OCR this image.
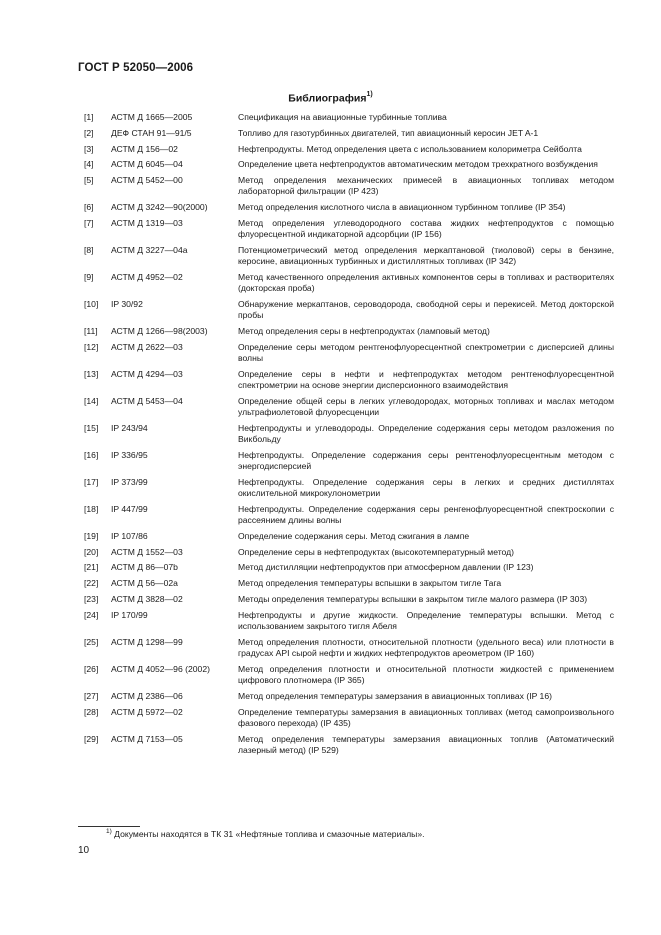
ГОСТ Р 52050—2006
Библиография$^{1)}$
[1] АСТМ Д 1665—2005	Спецификация на авиационные турбинные топлива
[2] ДЕФ СТАН 91—91/5	Топливо для газотурбинных двигателей, тип авиационный керосин JET A-1
[3] АСТМ Д 156—02	Нефтепродукты. Метод определения цвета с использованием колориметра Сейболта
[4] АСТМ Д 6045—04	Определение цвета нефтепродуктов автоматическим методом трехкратного возбуждения
[5] АСТМ Д 5452—00	Метод определения механических примесей в авиационных топливах методом лабораторной фильтрации (IP 423)
[6] АСТМ Д 3242—90(2000)	Метод определения кислотного числа в авиационном турбинном топливе (IP 354)
[7] АСТМ Д 1319—03	Метод определения углеводородного состава жидких нефтепродуктов с помощью флуоресцентной индикаторной адсорбции (IP 156)
[8] АСТМ Д 3227—04a	Потенциометрический метод определения меркаптановой (тиоловой) серы в бензине, керосине, авиационных турбинных и дистиллятных топливах (IP 342)
[9] АСТМ Д 4952—02	Метод качественного определения активных компонентов серы в топливах и растворителях (докторская проба)
[10] IP 30/92	Обнаружение меркаптанов, сероводорода, свободной серы и перекисей. Метод докторской пробы
[11] АСТМ Д 1266—98(2003)	Метод определения серы в нефтепродуктах (ламповый метод)
[12] АСТМ Д 2622—03	Определение серы методом рентгенофлуоресцентной спектрометрии с дисперсией длины волны
[13] АСТМ Д 4294—03	Определение серы в нефти и нефтепродуктах методом рентгенофлуоресцентной спектрометрии на основе энергии дисперсионного взаимодействия
[14] АСТМ Д 5453—04	Определение общей серы в легких углеводородах, моторных топливах и маслах методом ультрафиолетовой флуоресценции
[15] IP 243/94	Нефтепродукты и углеводороды. Определение содержания серы методом разложения по Викбольду
[16] IP 336/95	Нефтепродукты. Определение содержания серы рентгенофлуоресцентным методом с энергодисперсией
[17] IP 373/99	Нефтепродукты. Определение содержания серы в легких и средних дистиллятах окислительной микрокулонометрии
[18] IP 447/99	Нефтепродукты. Определение содержания серы ренгенофлуоресцентной спектроскопии с рассеянием длины волны
[19] IP 107/86	Определение содержания серы. Метод сжигания в лампе
[20] АСТМ Д 1552—03	Определение серы в нефтепродуктах (высокотемпературный метод)
[21] АСТМ Д 86—07b	Метод дистилляции нефтепродуктов при атмосферном давлении (IP 123)
[22] АСТМ Д 56—02a	Метод определения температуры вспышки в закрытом тигле Тага
[23] АСТМ Д 3828—02	Методы определения температуры вспышки в закрытом тигле малого размера (IP 303)
[24] IP 170/99	Нефтепродукты и другие жидкости. Определение температуры вспышки. Метод с использованием закрытого тигля Абеля
[25] АСТМ Д 1298—99	Метод определения плотности, относительной плотности (удельного веса) или плотности в градусах API сырой нефти и жидких нефтепродуктов ареометром (IP 160)
[26] АСТМ Д 4052—96 (2002)	Метод определения плотности и относительной плотности жидкостей с применением цифрового плотномера (IP 365)
[27] АСТМ Д 2386—06	Метод определения температуры замерзания в авиационных топливах (IP 16)
[28] АСТМ Д 5972—02	Определение температуры замерзания в авиационных топливах (метод самопроизвольного фазового перехода) (IP 435)
[29] АСТМ Д 7153—05	Метод определения температуры замерзания авиационных топлив (Автоматический лазерный метод) (IP 529)
$^{1)}$ Документы находятся в ТК 31 «Нефтяные топлива и смазочные материалы».
10
